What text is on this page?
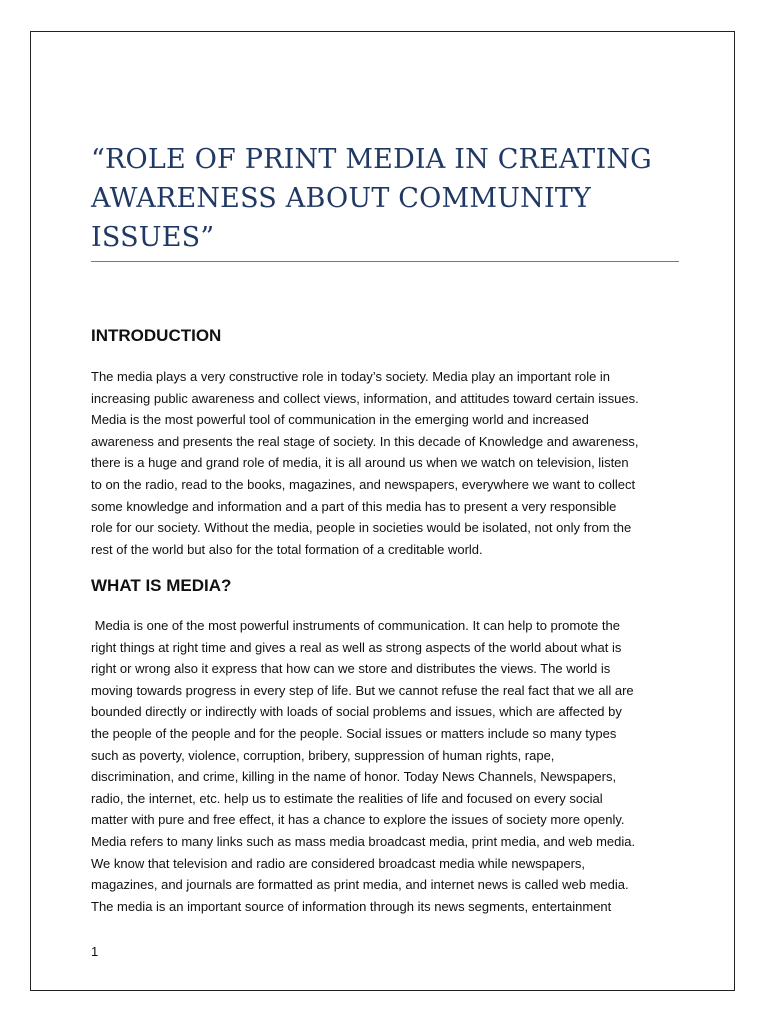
“ROLE OF PRINT MEDIA IN CREATING
AWARENESS ABOUT COMMUNITY
ISSUES”
INTRODUCTION

The media plays a very constructive role in today’s society. Media play an important role in
increasing public awareness and collect views, information, and attitudes toward certain issues.
Media is the most powerful tool of communication in the emerging world and increased
awareness and presents the real stage of society. In this decade of Knowledge and awareness,
there is a huge and grand role of media, it is all around us when we watch on television, listen
to on the radio, read to the books, magazines, and newspapers, everywhere we want to collect
some knowledge and information and a part of this media has to present a very responsible
role for our society. Without the media, people in societies would be isolated, not only from the
rest of the world but also for the total formation of a creditable world.

WHAT IS MEDIA?

Media is one of the most powerful instruments of communication. It can help to promote the
right things at right time and gives a real as well as strong aspects of the world about what is
right or wrong also it express that how can we store and distributes the views. The world is
moving towards progress in every step of life. But we cannot refuse the real fact that we all are
bounded directly or indirectly with loads of social problems and issues, which are affected by
the people of the people and for the people. Social issues or matters include so many types
such as poverty, violence, corruption, bribery, suppression of human rights, rape,
discrimination, and crime, killing in the name of honor. Today News Channels, Newspapers,
radio, the internet, etc. help us to estimate the realities of life and focused on every social
matter with pure and free effect, it has a chance to explore the issues of society more openly.
Media refers to many links such as mass media broadcast media, print media, and web media.
We know that television and radio are considered broadcast media while newspapers,
magazines, and journals are formatted as print media, and internet news is called web media.
The media is an important source of information through its news segments, entertainment

1
